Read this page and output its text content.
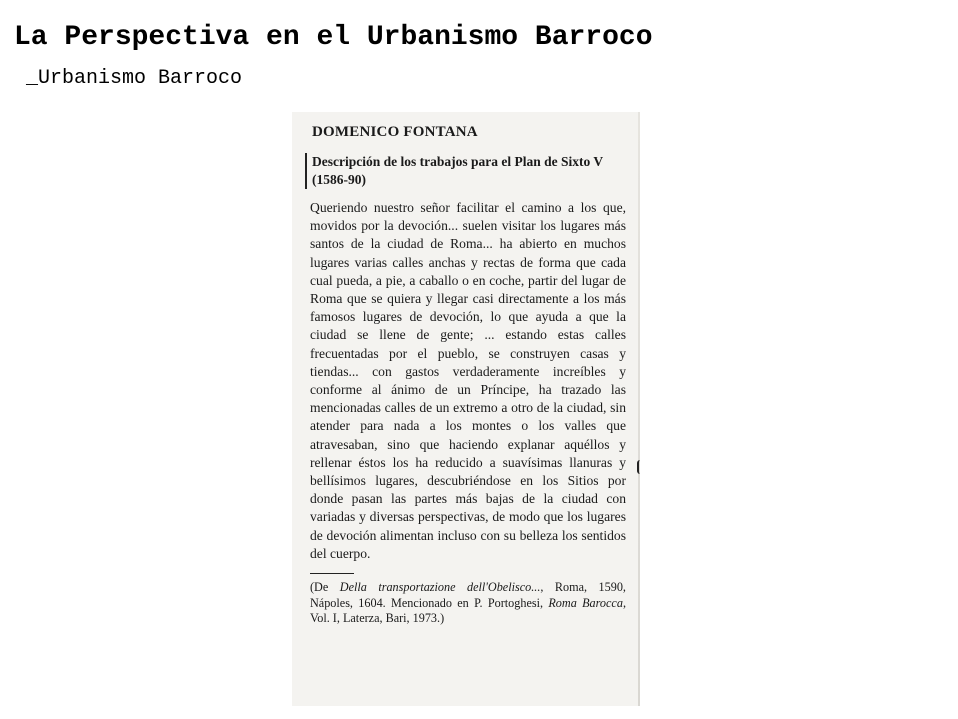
La Perspectiva en el Urbanismo Barroco
_Urbanismo Barroco
DOMENICO FONTANA
Descripción de los trabajos para el Plan de Sixto V (1586-90)

Queriendo nuestro señor facilitar el camino a los que, movidos por la devoción... suelen visitar los lugares más santos de la ciudad de Roma... ha abierto en muchos lugares varias calles anchas y rectas de forma que cada cual pueda, a pie, a caballo o en coche, partir del lugar de Roma que se quiera y llegar casi directamente a los más famosos lugares de devoción, lo que ayuda a que la ciudad se llene de gente; ... estando estas calles frecuentadas por el pueblo, se construyen casas y tiendas... con gastos verdaderamente increíbles y conforme al ánimo de un Príncipe, ha trazado las mencionadas calles de un extremo a otro de la ciudad, sin atender para nada a los montes o los valles que atravesaban, sino que haciendo explanar aquéllos y rellenar éstos los ha reducido a suavísimas llanuras y bellísimos lugares, descubriéndose en los Sitios por donde pasan las partes más bajas de la ciudad con variadas y diversas perspectivas, de modo que los lugares de devoción alimentan incluso con su belleza los sentidos del cuerpo.

(De Della transportazione dell'Obelisco..., Roma, 1590, Nápoles, 1604. Mencionado en P. Portoghesi, Roma Barocca, Vol. I, Laterza, Bari, 1973.)
